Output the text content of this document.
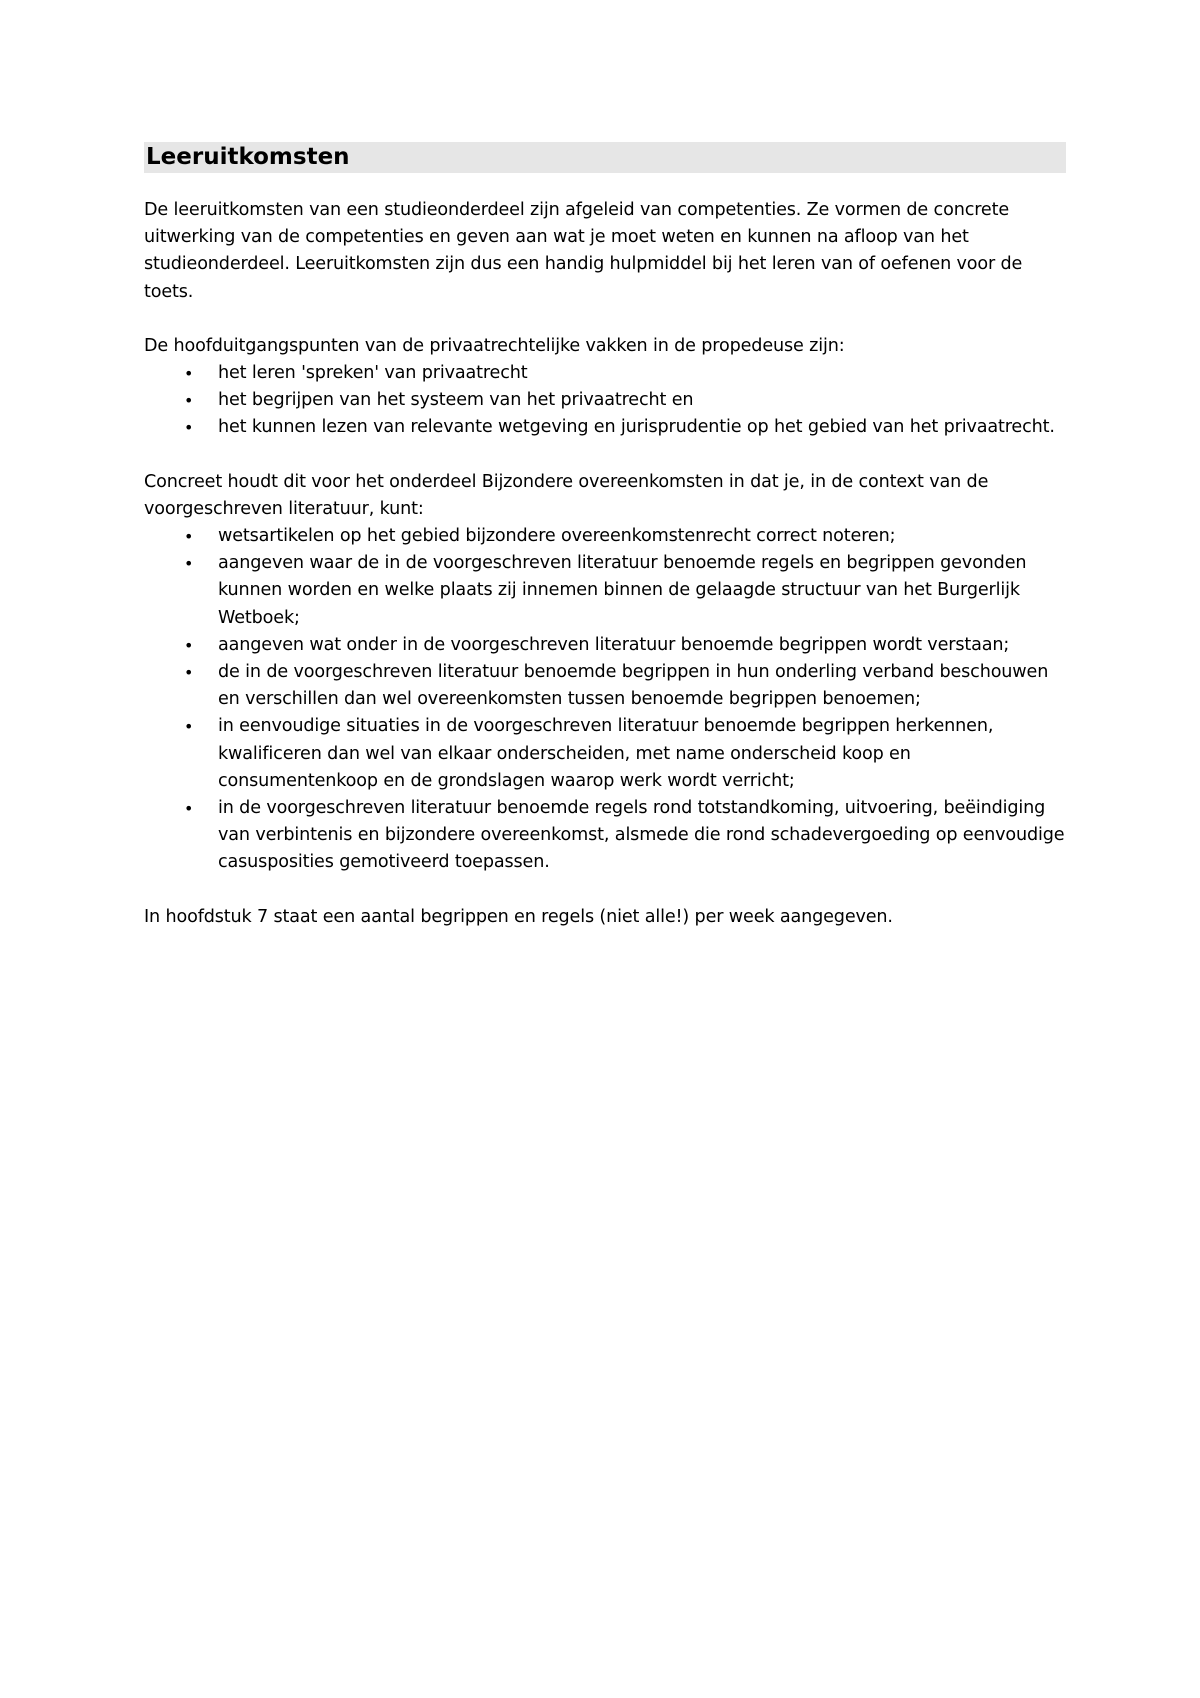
Leeruitkomsten

De leeruitkomsten van een studieonderdeel zijn afgeleid van competenties. Ze vormen de concrete uitwerking van de competenties en geven aan wat je moet weten en kunnen na afloop van het studieonderdeel. Leeruitkomsten zijn dus een handig hulpmiddel bij het leren van of oefenen voor de toets.

De hoofduitgangspunten van de privaatrechtelijke vakken in de propedeuse zijn:

• het leren 'spreken' van privaatrecht
• het begrijpen van het systeem van het privaatrecht en
• het kunnen lezen van relevante wetgeving en jurisprudentie op het gebied van het privaatrecht.

Concreet houdt dit voor het onderdeel Bijzondere overeenkomsten in dat je, in de context van de voorgeschreven literatuur, kunt:

• wetsartikelen op het gebied bijzondere overeenkomstenrecht correct noteren;
• aangeven waar de in de voorgeschreven literatuur benoemde regels en begrippen gevonden kunnen worden en welke plaats zij innemen binnen de gelaagde structuur van het Burgerlijk Wetboek;
• aangeven wat onder in de voorgeschreven literatuur benoemde begrippen wordt verstaan;
• de in de voorgeschreven literatuur benoemde begrippen in hun onderling verband beschouwen en verschillen dan wel overeenkomsten tussen benoemde begrippen benoemen;
• in eenvoudige situaties in de voorgeschreven literatuur benoemde begrippen herkennen, kwalificeren dan wel van elkaar onderscheiden, met name onderscheid koop en consumentenkoop en de grondslagen waarop werk wordt verricht;
• in de voorgeschreven literatuur benoemde regels rond totstandkoming, uitvoering, beëindiging van verbintenis en bijzondere overeenkomst, alsmede die rond schadevergoeding op eenvoudige casusposities gemotiveerd toepassen.

In hoofdstuk 7 staat een aantal begrippen en regels (niet alle!) per week aangegeven.
